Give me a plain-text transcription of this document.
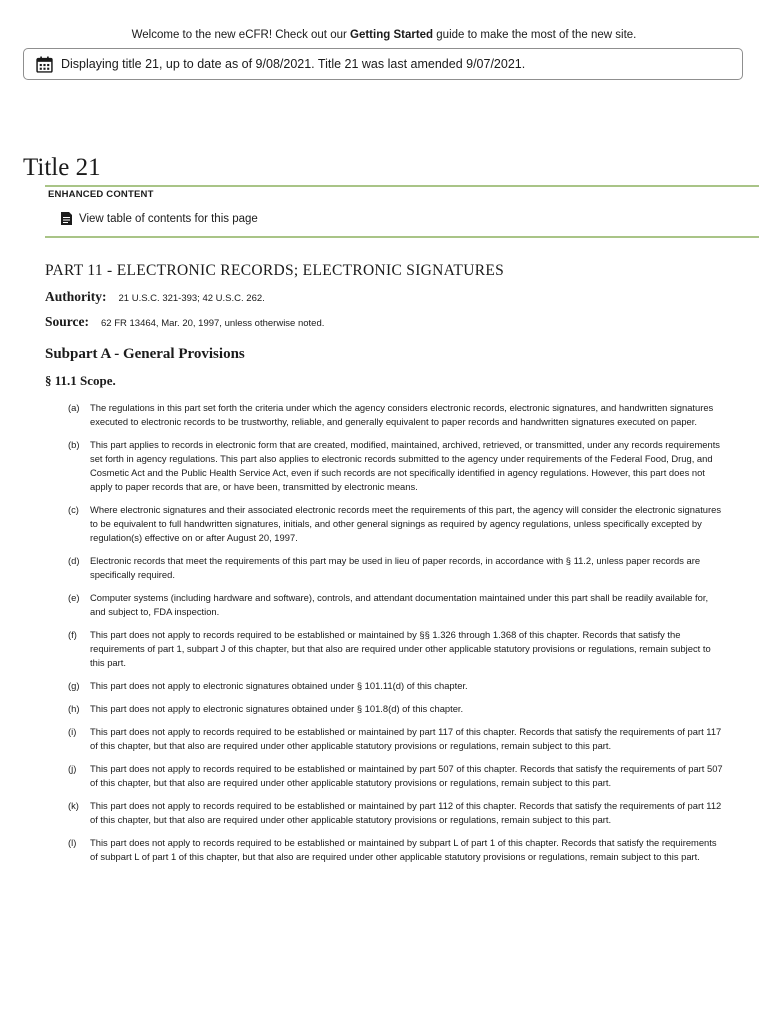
Welcome to the new eCFR! Check out our Getting Started guide to make the most of the new site.
Displaying title 21, up to date as of 9/08/2021. Title 21 was last amended 9/07/2021.
Title 21
ENHANCED CONTENT
View table of contents for this page
PART 11 - ELECTRONIC RECORDS; ELECTRONIC SIGNATURES
Authority: 21 U.S.C. 321-393; 42 U.S.C. 262.
Source: 62 FR 13464, Mar. 20, 1997, unless otherwise noted.
Subpart A - General Provisions
§ 11.1 Scope.
(a)	The regulations in this part set forth the criteria under which the agency considers electronic records, electronic signatures, and handwritten signatures executed to electronic records to be trustworthy, reliable, and generally equivalent to paper records and handwritten signatures executed on paper.
(b)	This part applies to records in electronic form that are created, modified, maintained, archived, retrieved, or transmitted, under any records requirements set forth in agency regulations. This part also applies to electronic records submitted to the agency under requirements of the Federal Food, Drug, and Cosmetic Act and the Public Health Service Act, even if such records are not specifically identified in agency regulations. However, this part does not apply to paper records that are, or have been, transmitted by electronic means.
(c)	Where electronic signatures and their associated electronic records meet the requirements of this part, the agency will consider the electronic signatures to be equivalent to full handwritten signatures, initials, and other general signings as required by agency regulations, unless specifically excepted by regulation(s) effective on or after August 20, 1997.
(d)	Electronic records that meet the requirements of this part may be used in lieu of paper records, in accordance with § 11.2, unless paper records are specifically required.
(e)	Computer systems (including hardware and software), controls, and attendant documentation maintained under this part shall be readily available for, and subject to, FDA inspection.
(f)	This part does not apply to records required to be established or maintained by §§ 1.326 through 1.368 of this chapter. Records that satisfy the requirements of part 1, subpart J of this chapter, but that also are required under other applicable statutory provisions or regulations, remain subject to this part.
(g)	This part does not apply to electronic signatures obtained under § 101.11(d) of this chapter.
(h)	This part does not apply to electronic signatures obtained under § 101.8(d) of this chapter.
(i)	This part does not apply to records required to be established or maintained by part 117 of this chapter. Records that satisfy the requirements of part 117 of this chapter, but that also are required under other applicable statutory provisions or regulations, remain subject to this part.
(j)	This part does not apply to records required to be established or maintained by part 507 of this chapter. Records that satisfy the requirements of part 507 of this chapter, but that also are required under other applicable statutory provisions or regulations, remain subject to this part.
(k)	This part does not apply to records required to be established or maintained by part 112 of this chapter. Records that satisfy the requirements of part 112 of this chapter, but that also are required under other applicable statutory provisions or regulations, remain subject to this part.
(l)	This part does not apply to records required to be established or maintained by subpart L of part 1 of this chapter. Records that satisfy the requirements of subpart L of part 1 of this chapter, but that also are required under other applicable statutory provisions or regulations, remain subject to this part.
